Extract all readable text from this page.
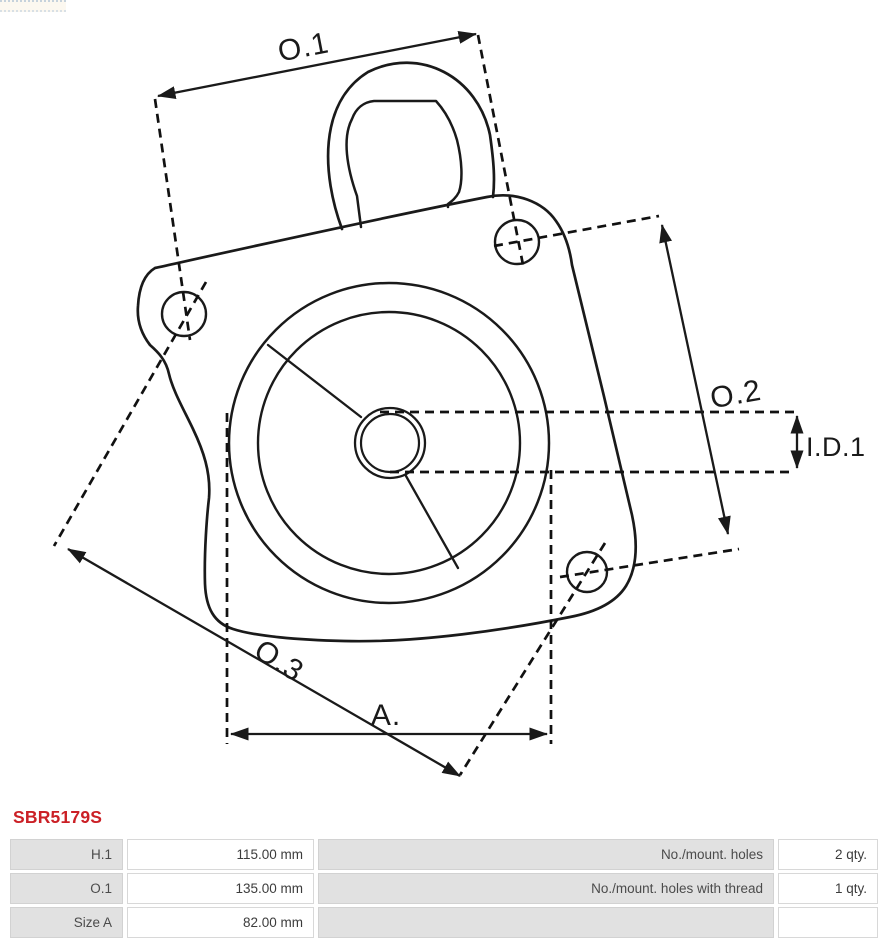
O.1
O.2
O.3
A.
I.D.1
SBR5179S
H.1	115.00 mm	No./mount. holes	2 qty.
O.1	135.00 mm	No./mount. holes with thread	1 qty.
Size A	82.00 mm
